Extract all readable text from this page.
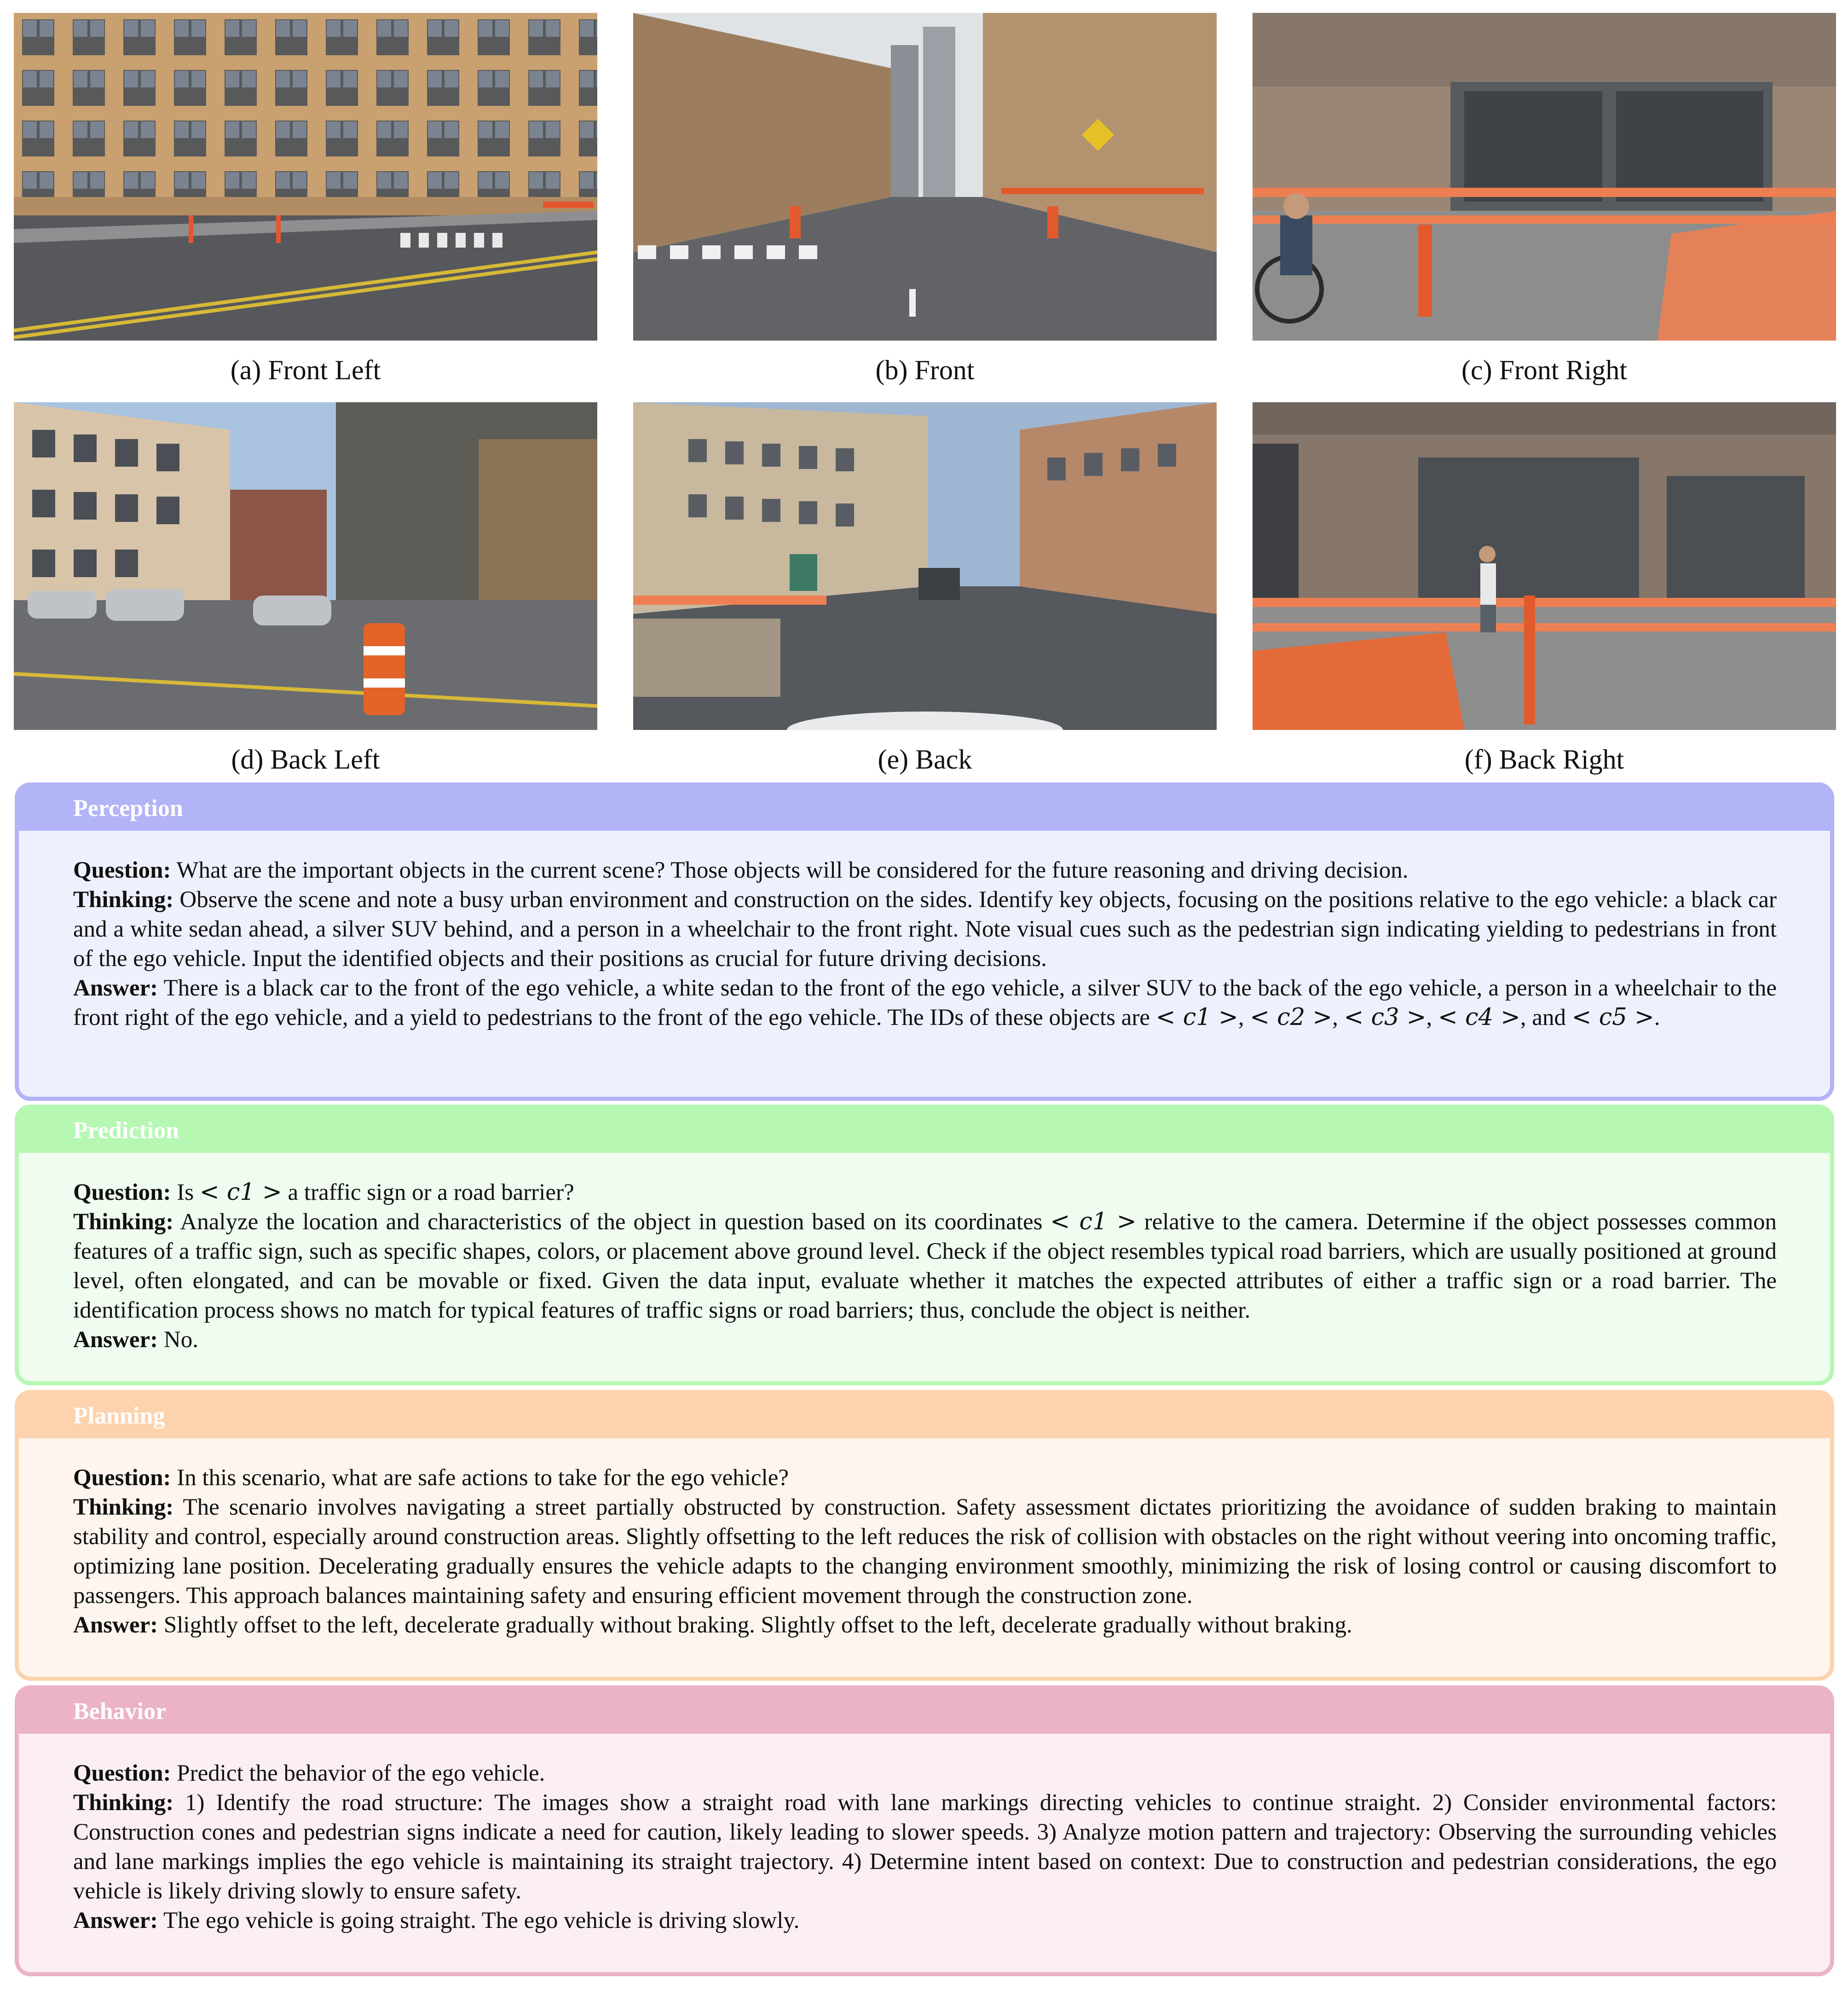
( a ) Front Left	( b ) Front	( c ) Front Right
( d ) Back Left	( e ) Back	( f ) Back Right
Perception

Question: What are the important objects in the current scene? Those objects will be considered for the future reasoning and driving decision.

Thinking: Observe the scene and note a busy urban environment and construction on the sides. Identify key objects, focusing on the positions relative to the ego vehicle: a black car and a white sedan ahead, a silver SUV behind, and a person in a wheelchair to the front right. Note visual cues such as the pedestrian sign indicating yielding to pedestrians in front of the ego vehicle. Input the identified objects and their positions as crucial for future driving decisions.

Answer: There is a black car to the front of the ego vehicle, a white sedan to the front of the ego vehicle, a silver SUV to the back of the ego vehicle, a person in a wheelchair to the front right of the ego vehicle, and a yield to pedestrians to the front of the ego vehicle. The IDs of these objects are < c1 >, < c2 >, < c3 >, < c4 >, and < c5 >.

Prediction

Question: Is < c1 > a traffic sign or a road barrier?

Thinking: Analyze the location and characteristics of the object in question based on its coordinates < c1 > relative to the camera. Determine if the object possesses common features of a traffic sign, such as specific shapes, colors, or placement above ground level. Check if the object resembles typical road barriers, which are usually positioned at ground level, often elongated, and can be movable or fixed. Given the data input, evaluate whether it matches the expected attributes of either a traffic sign or a road barrier. The identification process shows no match for typical features of traffic signs or road barriers; thus, conclude the object is neither.

Answer: No.

Planning

Question: In this scenario, what are safe actions to take for the ego vehicle?

Thinking: The scenario involves navigating a street partially obstructed by construction. Safety assessment dictates prioritizing the avoidance of sudden braking to maintain stability and control, especially around construction areas. Slightly offsetting to the left reduces the risk of collision with obstacles on the right without veering into oncoming traffic, optimizing lane position. Decelerating gradually ensures the vehicle adapts to the changing environment smoothly, minimizing the risk of losing control or causing discomfort to passengers. This approach balances maintaining safety and ensuring efficient movement through the construction zone.

Answer: Slightly offset to the left, decelerate gradually without braking. Slightly offset to the left, decelerate gradually without braking.

Behavior

Question: Predict the behavior of the ego vehicle.

Thinking: 1) Identify the road structure: The images show a straight road with lane markings directing vehicles to continue straight. 2) Consider environmental factors: Construction cones and pedestrian signs indicate a need for caution, likely leading to slower speeds. 3) Analyze motion pattern and trajectory: Observing the surrounding vehicles and lane markings implies the ego vehicle is maintaining its straight trajectory. 4) Determine intent based on context: Due to construction and pedestrian considerations, the ego vehicle is likely driving slowly to ensure safety.

Answer: The ego vehicle is going straight. The ego vehicle is driving slowly.
